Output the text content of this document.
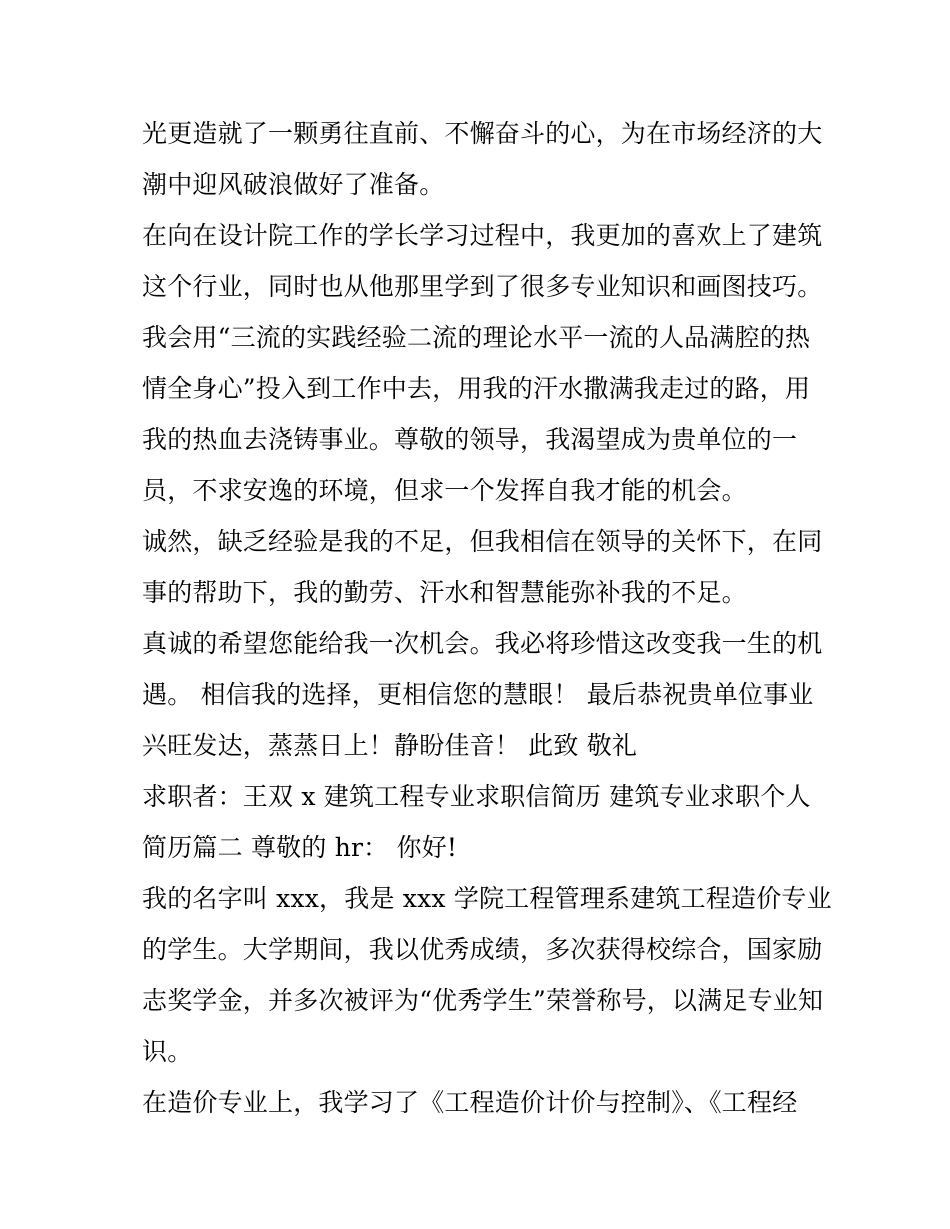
光更造就了一颗勇往直前、不懈奋斗的心，为在市场经济的大
潮中迎风破浪做好了准备。
在向在设计院工作的学长学习过程中，我更加的喜欢上了建筑
这个行业，同时也从他那里学到了很多专业知识和画图技巧。
我会用“三流的实践经验二流的理论水平一流的人品满腔的热
情全身心”投入到工作中去，用我的汗水撒满我走过的路，用
我的热血去浇铸事业。尊敬的领导，我渴望成为贵单位的一
员，不求安逸的环境，但求一个发挥自我才能的机会。
诚然，缺乏经验是我的不足，但我相信在领导的关怀下，在同
事的帮助下，我的勤劳、汗水和智慧能弥补我的不足。
真诚的希望您能给我一次机会。我必将珍惜这改变我一生的机
遇。 相信我的选择，更相信您的慧眼！ 最后恭祝贵单位事业
兴旺发达，蒸蒸日上！静盼佳音！ 此致 敬礼
求职者：王双 x 建筑工程专业求职信简历 建筑专业求职个人
简历篇二 尊敬的 hr： 你好!
我的名字叫 xxx，我是 xxx 学院工程管理系建筑工程造价专业
的学生。大学期间，我以优秀成绩，多次获得校综合，国家励
志奖学金，并多次被评为“优秀学生”荣誉称号，以满足专业知
识。
在造价专业上，我学习了《工程造价计价与控制》、《工程经
